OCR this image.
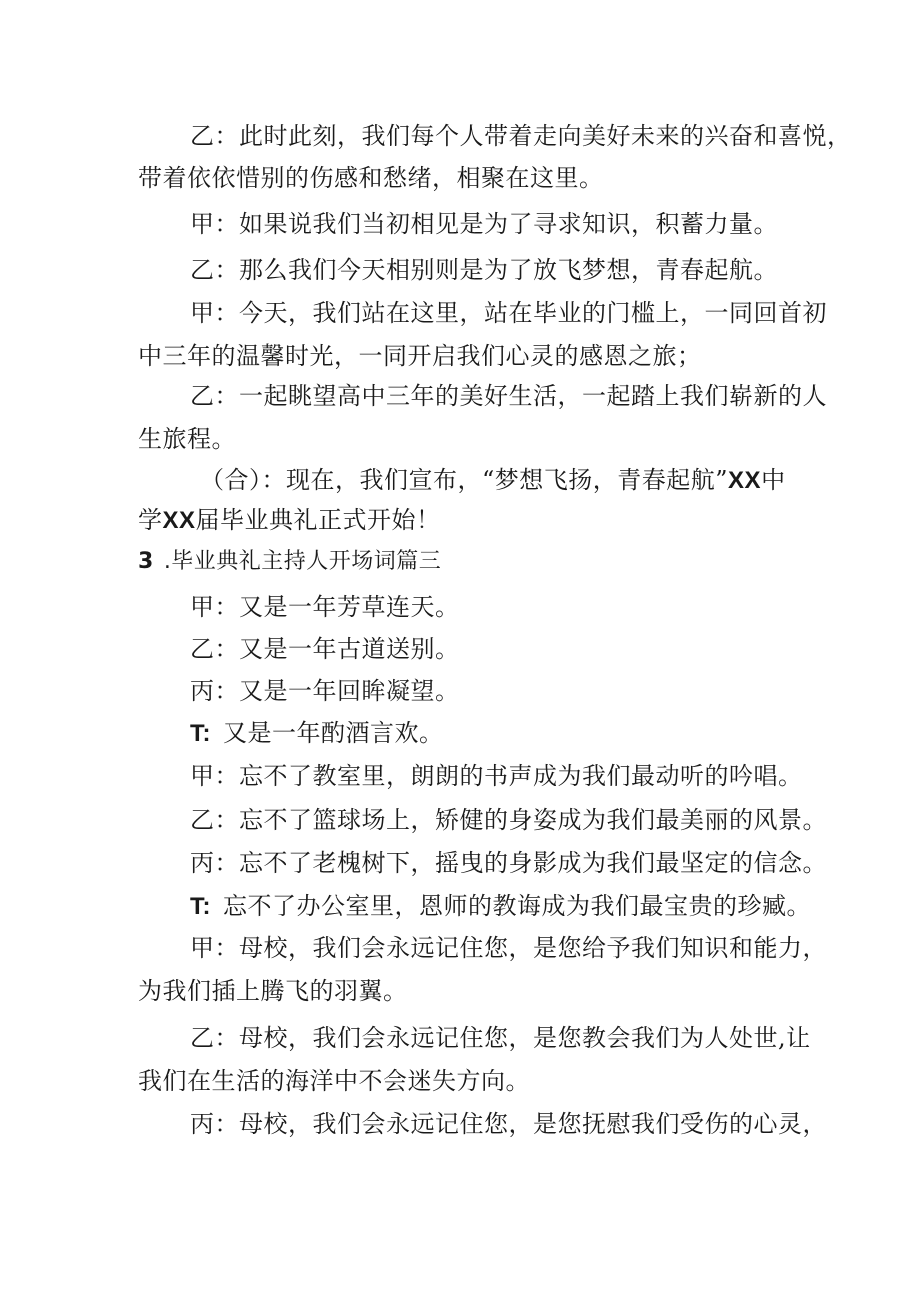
乙：此时此刻，我们每个人带着走向美好未来的兴奋和喜悦，
带着依依惜别的伤感和愁绪，相聚在这里。
甲：如果说我们当初相见是为了寻求知识，积蓄力量。
乙：那么我们今天相别则是为了放飞梦想，青春起航。
甲：今天，我们站在这里，站在毕业的门槛上，一同回首初
中三年的温馨时光，一同开启我们心灵的感恩之旅；
乙：一起眺望高中三年的美好生活，一起踏上我们崭新的人
生旅程。
（合）：现在，我们宣布，“梦想飞扬，青春起航”XX中
学XX届毕业典礼正式开始！
3 .毕业典礼主持人开场词篇三
甲：又是一年芳草连天。
乙：又是一年古道送别。
丙：又是一年回眸凝望。
T: 又是一年酌酒言欢。
甲：忘不了教室里，朗朗的书声成为我们最动听的吟唱。
乙：忘不了篮球场上，矫健的身姿成为我们最美丽的风景。
丙：忘不了老槐树下，摇曳的身影成为我们最坚定的信念。
T: 忘不了办公室里，恩师的教诲成为我们最宝贵的珍臧。
甲：母校，我们会永远记住您，是您给予我们知识和能力，
为我们插上腾飞的羽翼。
乙：母校，我们会永远记住您，是您教会我们为人处世,让
我们在生活的海洋中不会迷失方向。
丙：母校，我们会永远记住您，是您抚慰我们受伤的心灵，
